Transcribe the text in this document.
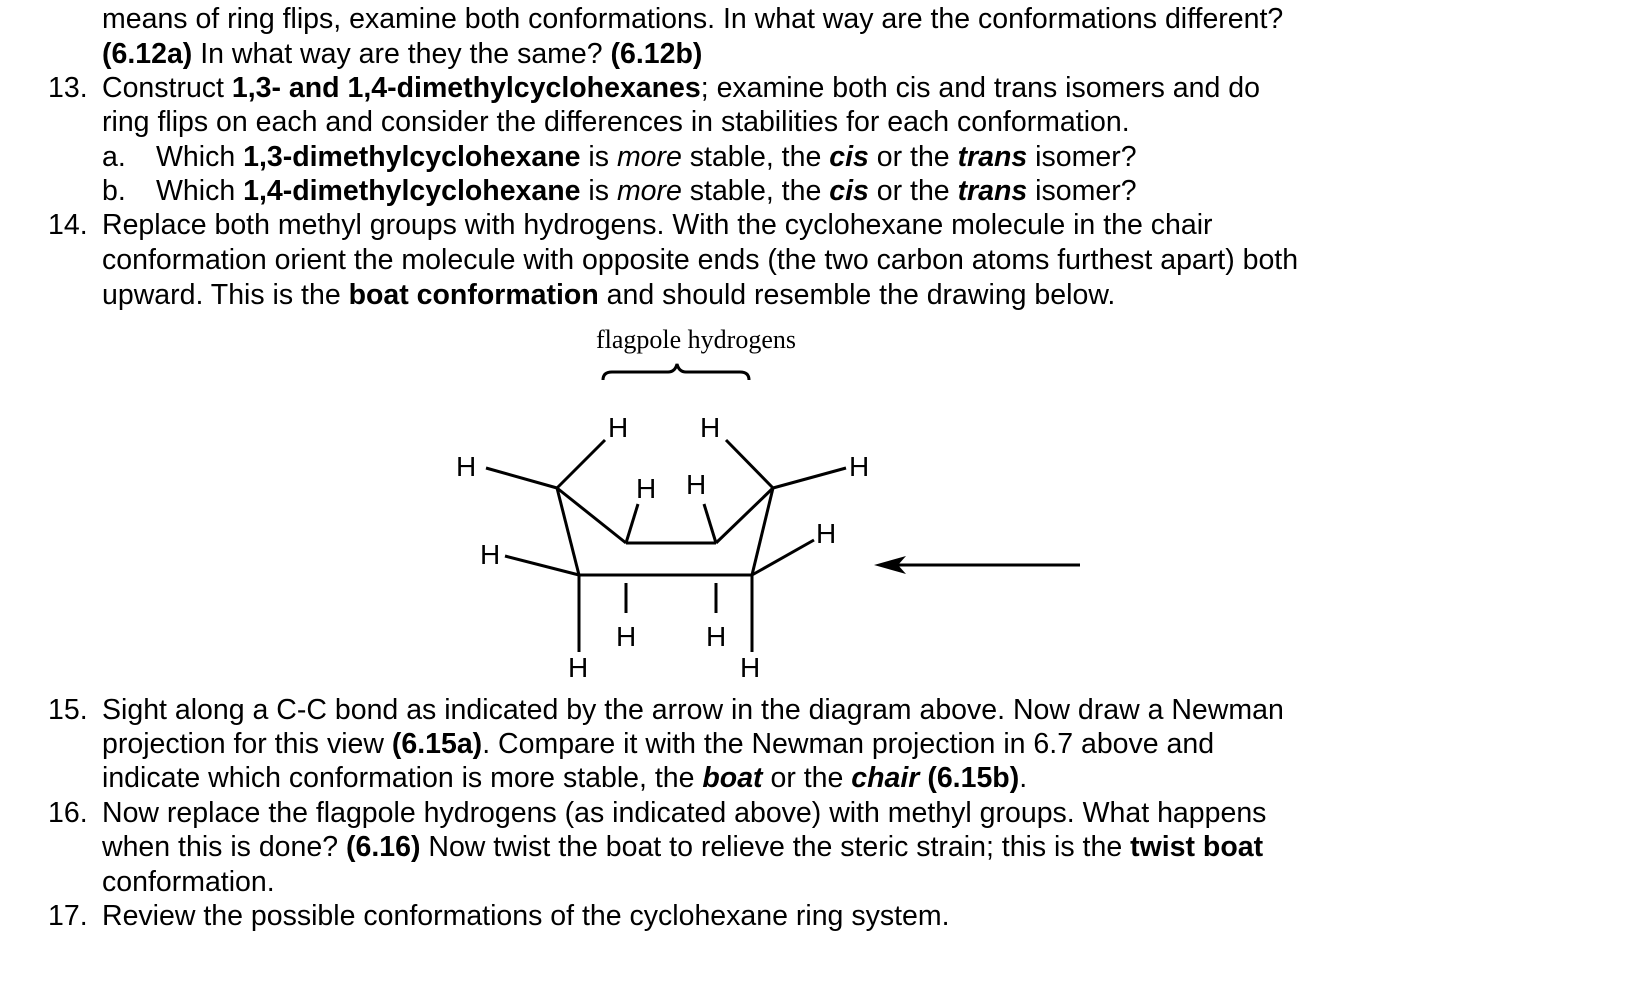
means of ring flips, examine both conformations. In what way are the conformations different?
(6.12a) In what way are they the same? (6.12b)
13. Construct 1,3- and 1,4-dimethylcyclohexanes; examine both cis and trans isomers and do
ring flips on each and consider the differences in stabilities for each conformation.
a. Which 1,3-dimethylcyclohexane is more stable, the cis or the trans isomer?
b. Which 1,4-dimethylcyclohexane is more stable, the cis or the trans isomer?
14. Replace both methyl groups with hydrogens. With the cyclohexane molecule in the chair
conformation orient the molecule with opposite ends (the two carbon atoms furthest apart) both
upward. This is the boat conformation and should resemble the drawing below.
flagpole hydrogens
H	H
H	H
H H
H
H
H H
H	H
15. Sight along a C-C bond as indicated by the arrow in the diagram above. Now draw a Newman
projection for this view (6.15a). Compare it with the Newman projection in 6.7 above and
indicate which conformation is more stable, the boat or the chair (6.15b).
16. Now replace the flagpole hydrogens (as indicated above) with methyl groups. What happens
when this is done? (6.16) Now twist the boat to relieve the steric strain; this is the twist boat
conformation.
17. Review the possible conformations of the cyclohexane ring system.
